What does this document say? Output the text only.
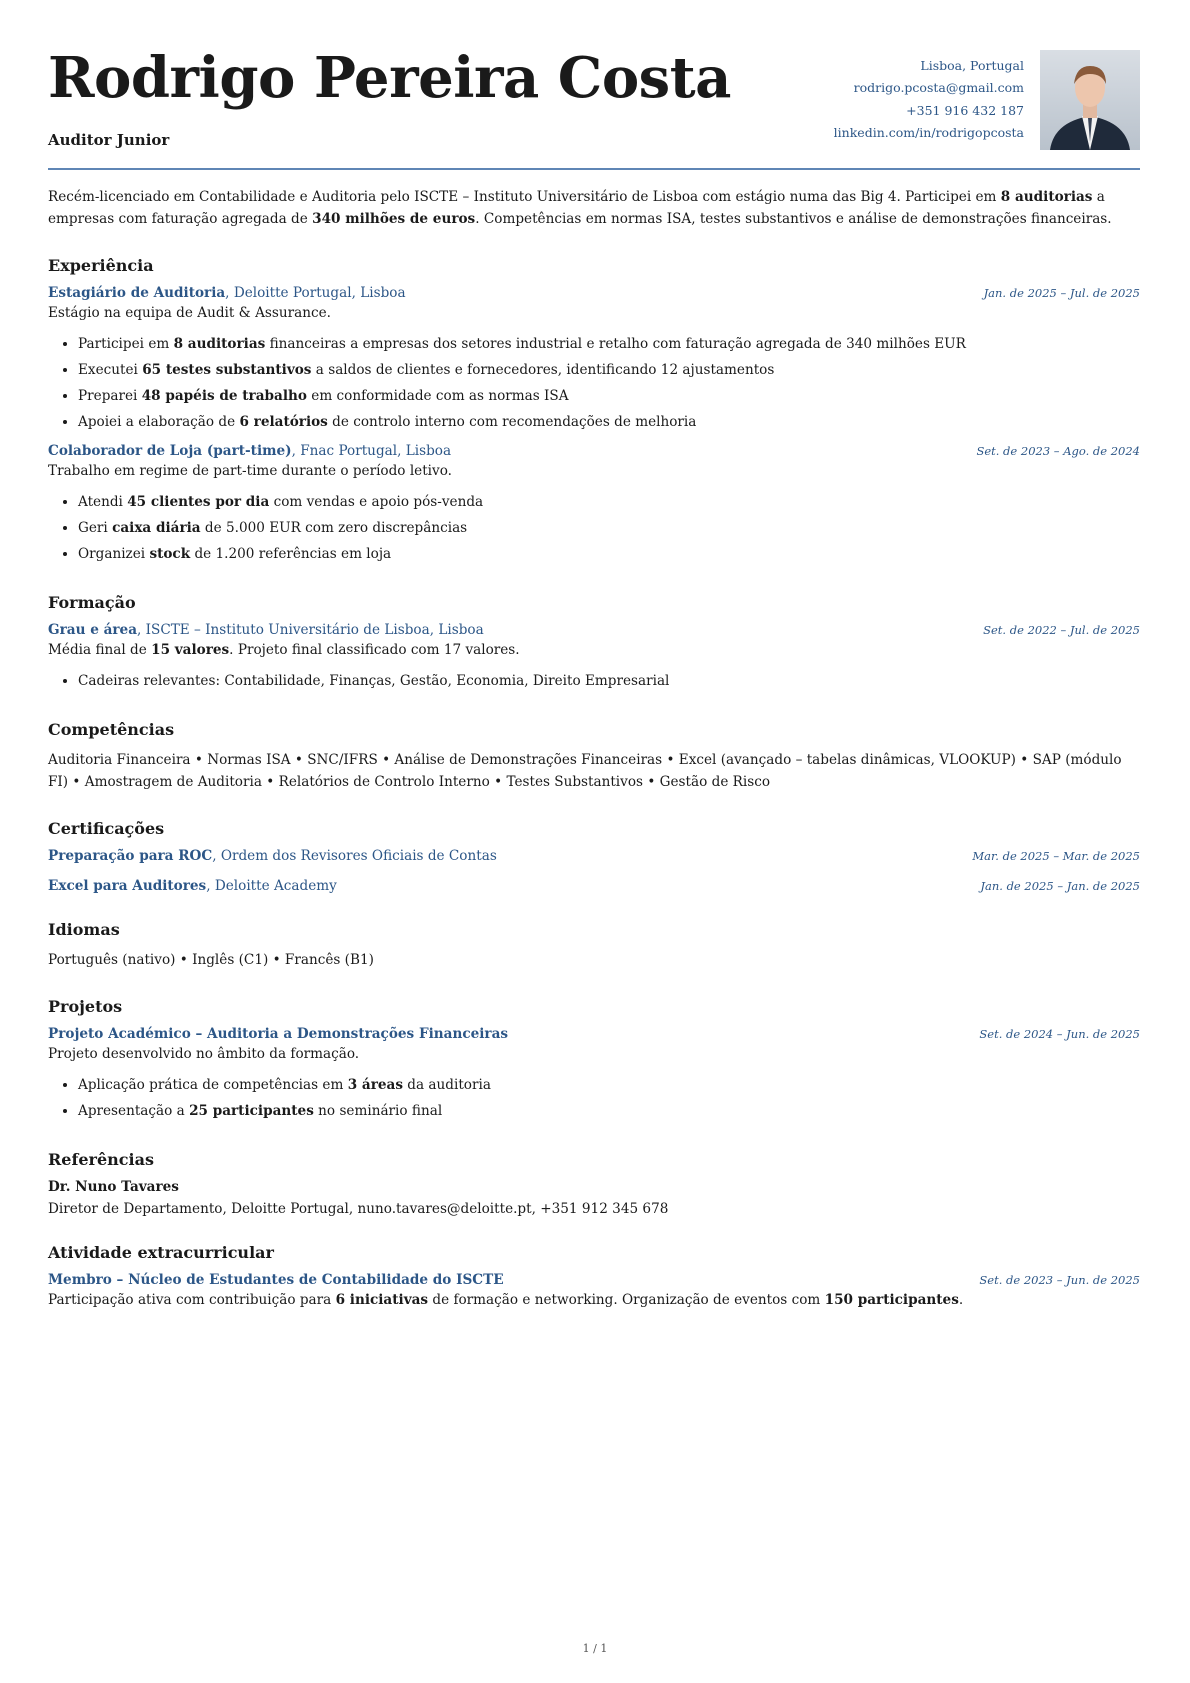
Rodrigo Pereira Costa
Auditor Junior
Lisboa, Portugal
rodrigo.pcosta@gmail.com
+351 916 432 187
linkedin.com/in/rodrigopcosta
Recém-licenciado em Contabilidade e Auditoria pelo ISCTE – Instituto Universitário de Lisboa com estágio numa das Big 4. Participei em 8 auditorias a empresas com faturação agregada de 340 milhões de euros. Competências em normas ISA, testes substantivos e análise de demonstrações financeiras.
Experiência
Estagiário de Auditoria, Deloitte Portugal, Lisboa	Jan. de 2025 – Jul. de 2025
Estágio na equipa de Audit & Assurance.
• Participei em 8 auditorias financeiras a empresas dos setores industrial e retalho com faturação agregada de 340 milhões EUR
• Executei 65 testes substantivos a saldos de clientes e fornecedores, identificando 12 ajustamentos
• Preparei 48 papéis de trabalho em conformidade com as normas ISA
• Apoiei a elaboração de 6 relatórios de controlo interno com recomendações de melhoria
Colaborador de Loja (part-time), Fnac Portugal, Lisboa	Set. de 2023 – Ago. de 2024
Trabalho em regime de part-time durante o período letivo.
• Atendi 45 clientes por dia com vendas e apoio pós-venda
• Geri caixa diária de 5.000 EUR com zero discrepâncias
• Organizei stock de 1.200 referências em loja
Formação
Grau e área, ISCTE – Instituto Universitário de Lisboa, Lisboa	Set. de 2022 – Jul. de 2025
Média final de 15 valores. Projeto final classificado com 17 valores.
• Cadeiras relevantes: Contabilidade, Finanças, Gestão, Economia, Direito Empresarial
Competências
Auditoria Financeira • Normas ISA • SNC/IFRS • Análise de Demonstrações Financeiras • Excel (avançado – tabelas dinâmicas, VLOOKUP) • SAP (módulo FI) • Amostragem de Auditoria • Relatórios de Controlo Interno • Testes Substantivos • Gestão de Risco
Certificações
Preparação para ROC, Ordem dos Revisores Oficiais de Contas	Mar. de 2025 – Mar. de 2025
Excel para Auditores, Deloitte Academy	Jan. de 2025 – Jan. de 2025
Idiomas
Português (nativo) • Inglês (C1) • Francês (B1)
Projetos
Projeto Académico – Auditoria a Demonstrações Financeiras	Set. de 2024 – Jun. de 2025
Projeto desenvolvido no âmbito da formação.
• Aplicação prática de competências em 3 áreas da auditoria
• Apresentação a 25 participantes no seminário final
Referências
Dr. Nuno Tavares
Diretor de Departamento, Deloitte Portugal, nuno.tavares@deloitte.pt, +351 912 345 678
Atividade extracurricular
Membro – Núcleo de Estudantes de Contabilidade do ISCTE	Set. de 2023 – Jun. de 2025
Participação ativa com contribuição para 6 iniciativas de formação e networking. Organização de eventos com 150 participantes.
1 / 1
